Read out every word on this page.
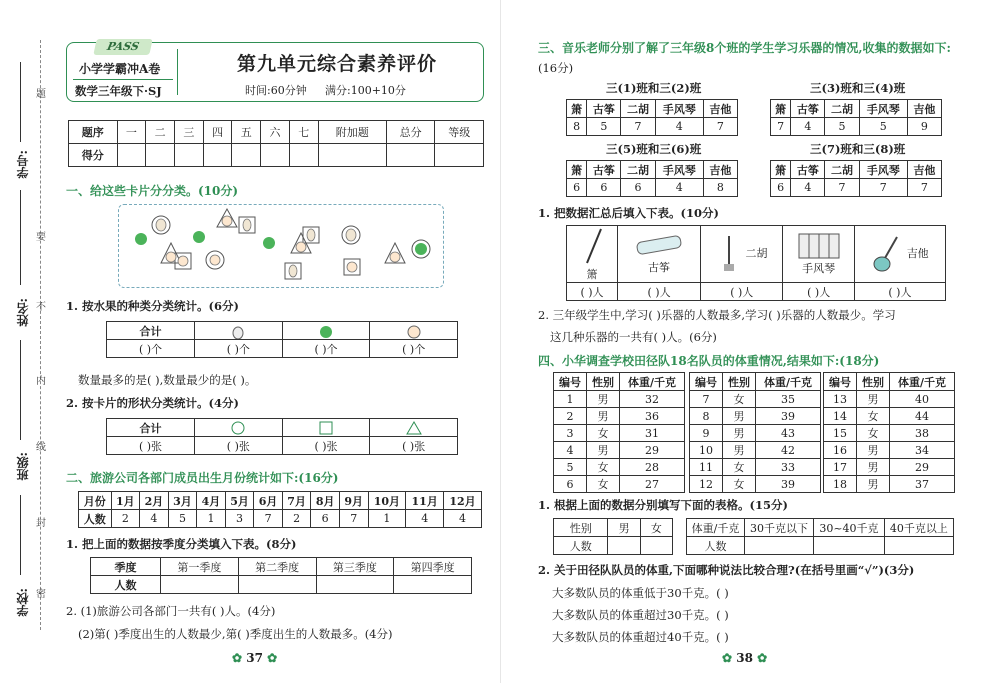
学号:
姓名:
班级:
学校:
题
要
不
内
线
封
密
PASS
小学学霸冲A卷
数学三年级下·SJ
第九单元综合素养评价
时间:60分钟 满分:100+10分
题序	一	二	三	四	五	六	七	附加题	总分	等级
得分										
一、给这些卡片分分类。(10分)
1. 按水果的种类分类统计。(6分)
合计			
( )个	( )个	( )个	( )个
数量最多的是( ),数量最少的是( )。
2. 按卡片的形状分类统计。(4分)
合计			
( )张	( )张	( )张	( )张
二、旅游公司各部门成员出生月份统计如下:(16分)
月份	1月	2月	3月	4月	5月	6月	7月	8月	9月	10月	11月	12月
人数	2	4	5	1	3	7	2	6	7	1	4	4
1. 把上面的数据按季度分类填入下表。(8分)
季度	第一季度	第二季度	第三季度	第四季度
人数				
2. (1)旅游公司各部门一共有( )人。(4分)
(2)第( )季度出生的人数最少,第( )季度出生的人数最多。(4分)
✿ 37 ✿
三、音乐老师分别了解了三年级8个班的学生学习乐器的情况,收集的数据如下:
(16分)
三(1)班和三(2)班
箫	古筝	二胡	手风琴	吉他
8	5	7	4	7
三(3)班和三(4)班
箫	古筝	二胡	手风琴	吉他
7	4	5	5	9
三(5)班和三(6)班
箫	古筝	二胡	手风琴	吉他
6	6	6	4	8
三(7)班和三(8)班
箫	古筝	二胡	手风琴	吉他
6	4	7	7	7
1. 把数据汇总后填入下表。(10分)

箫	古筝	二胡	手风琴	吉他
( )人	( )人	( )人	( )人	( )人
2. 三年级学生中,学习( )乐器的人数最多,学习( )乐器的人数最少。学习
这几种乐器的一共有( )人。(6分)
四、小华调查学校田径队18名队员的体重情况,结果如下:(18分)
编号	性别	体重/千克
1	男	32
2	男	36
3	女	31
4	男	29
5	女	28
6	女	27
编号	性别	体重/千克
7	女	35
8	男	39
9	男	43
10	男	42
11	女	33
12	女	39
编号	性别	体重/千克
13	男	40
14	女	44
15	女	38
16	男	34
17	男	29
18	男	37
1. 根据上面的数据分别填写下面的表格。(15分)
性别	男	女
人数		
体重/千克	30千克以下	30~40千克	40千克以上
人数			
2. 关于田径队队员的体重,下面哪种说法比较合理?(在括号里画“√”)(3分)
大多数队员的体重低于30千克。( )
大多数队员的体重超过30千克。( )
大多数队员的体重超过40千克。( )
✿ 38 ✿
